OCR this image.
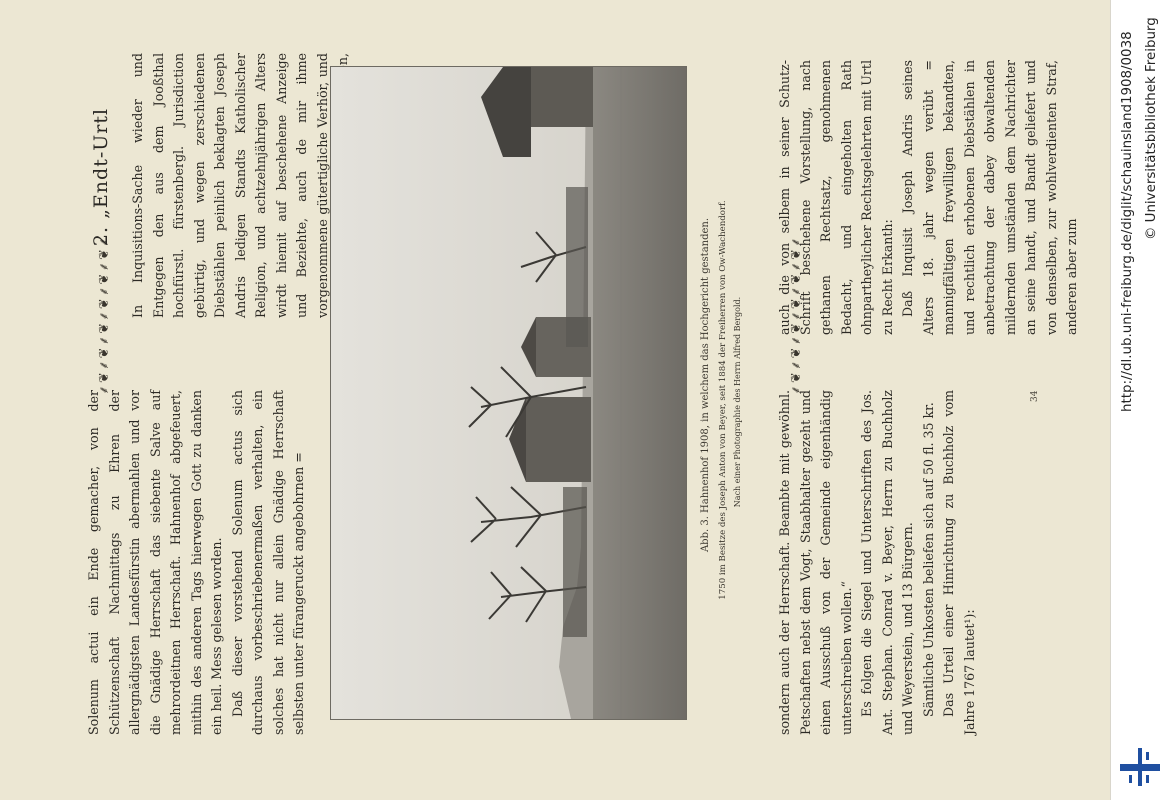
Solenum actui ein Ende gemacher, von der Schützenschaft Nachmittags zu Ehren der allergnädigsten Landesfürstin abermahlen und vor die Gnädige Herrschaft das siebente Salve auf mehrordeitnen Herrschaft. Hahnenhof abgefeuert, mithin des anderen Tags hierwegen Gott zu danken ein heil. Mess gelesen worden. Daß dieser vorstehend Solenum actus sich durchaus vorbeschriebenermaßen verhalten, ein solches hat nicht nur allein Gnädige Herrschaft selbsten unter fürangeruckt angebohrnen =

⸙❦⸙❦⸙❦⸙❦⸙❦⸙❦⸙
2. „Endt-Urtl

In Inquisitions-Sache wieder und Entgegen den aus dem Jooßthal hochfürstl. fürstenbergl. Jurisdiction gebürtig, und wegen zerschiedenen Diebstählen peinlich beklagten Joseph Andris ledigen Standts Katholischer Religion, und achtzehnjährigen Alters wirdt hiemit auf beschehene Anzeige und Beziehte, auch de mir ihme vorgenommene gütertigliche Verhör, und

Abb. 3. Hahnenhof 1908, in welchem das Hochgericht gestanden. 1750 im Besitze des Joseph Anton von Beyer, seit 1884 der Freiherren von Ow-Wachendorf. Nach einer Photographie des Herrn Alfred Bergold.	sondern auch der Herrschaft. Beambte mit gewöhnl. Petschaften nebst dem Vogt, Staabhalter gezeht und einen Ausschuß von der Gemeinde eigenhändig unterschreiben wollen.“ Es folgen die Siegel und Unterschriften des Jos. Ant. Stephan. Conrad v. Beyer, Herrn zu Buchholz und Weyerstein, und 13 Bürgern. Sämtliche Unkosten beliefen sich auf 50 fl. 35 kr. Das Urteil einer Hinrichtung zu Buchholz vom Jahre 1767 lautet¹):

⸙❦⸙❦⸙❦⸙❦⸙❦⸙❦⸙

auch die von selbem in seiner Schutz-Schrift beschehene Vorstellung, nach gethanen Rechtsatz, genohmenen Bedacht, und eingeholten Rath ohnpartheylicher Rechtsgelehrten mit Urtl zu Recht Erkanth: Daß Inquisit Joseph Andris seines Alters 18. jahr wegen verübt = mannigfältigen freywilligen bekandten, und rechtlich erhobenen Diebstählen in anbetrachtung der dabey obwaltenden mildernden umständen dem Nachrichter an seine handt, und Bandt geliefert und von denselben, zur wohlverdienten Straf, anderen aber zum

34	http://dl.ub.uni-freiburg.de/diglit/schauinsland1908/0038 © Universitätsbibliothek Freiburg
